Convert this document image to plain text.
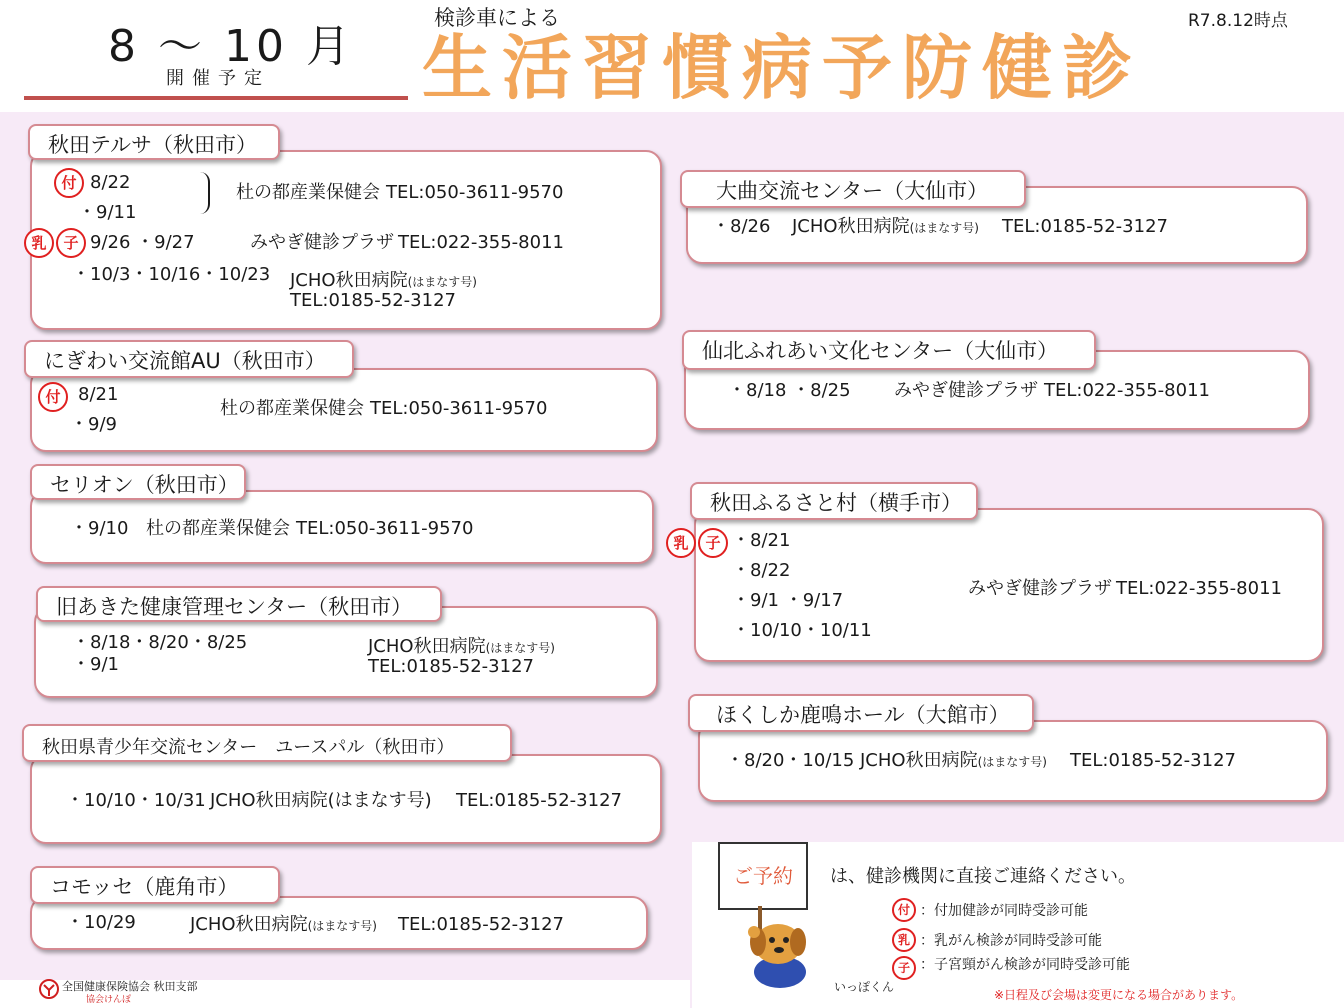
8 ～ 10 月
開催予定
検診車による
生活習慣病予防健診
R7.8.12時点
秋田テルサ（秋田市）
付 8/22
・9/11
杜の都産業保健会 TEL:050-3611-9570
乳	子 9/26 ・9/27	みやぎ健診プラザ TEL:022-355-8011
・10/3・10/16・10/23 JCHO秋田病院(はまなす号)
TEL:0185-52-3127
にぎわい交流館AU（秋田市）
付 8/21
・9/9
杜の都産業保健会 TEL:050-3611-9570
セリオン（秋田市）
・9/10 杜の都産業保健会 TEL:050-3611-9570
旧あきた健康管理センター（秋田市）
・8/18・8/20・8/25
・9/1
JCHO秋田病院(はまなす号)
TEL:0185-52-3127
秋田県青少年交流センター　ユースパル（秋田市）
・10/10・10/31 JCHO秋田病院(はまなす号) TEL:0185-52-3127
コモッセ（鹿角市）
・10/29	JCHO秋田病院(はまなす号) TEL:0185-52-3127
大曲交流センター（大仙市）
・8/26 JCHO秋田病院(はまなす号) TEL:0185-52-3127
仙北ふれあい文化センター（大仙市）
・8/18 ・8/25 みやぎ健診プラザ TEL:022-355-8011
秋田ふるさと村（横手市）
乳	子 ・8/21
・8/22
・9/1 ・9/17
・10/10・10/11
みやぎ健診プラザ TEL:022-355-8011
ほくしか鹿鳴ホール（大館市）
・8/20・10/15 JCHO秋田病院(はまなす号) TEL:0185-52-3127
ご予約
いっぽくん
は、健診機関に直接ご連絡ください。
付 ：付加健診が同時受診可能
乳 ：乳がん検診が同時受診可能
子 ：子宮頸がん検診が同時受診可能
※日程及び会場は変更になる場合があります。
全国健康保険協会 秋田支部
協会けんぽ
